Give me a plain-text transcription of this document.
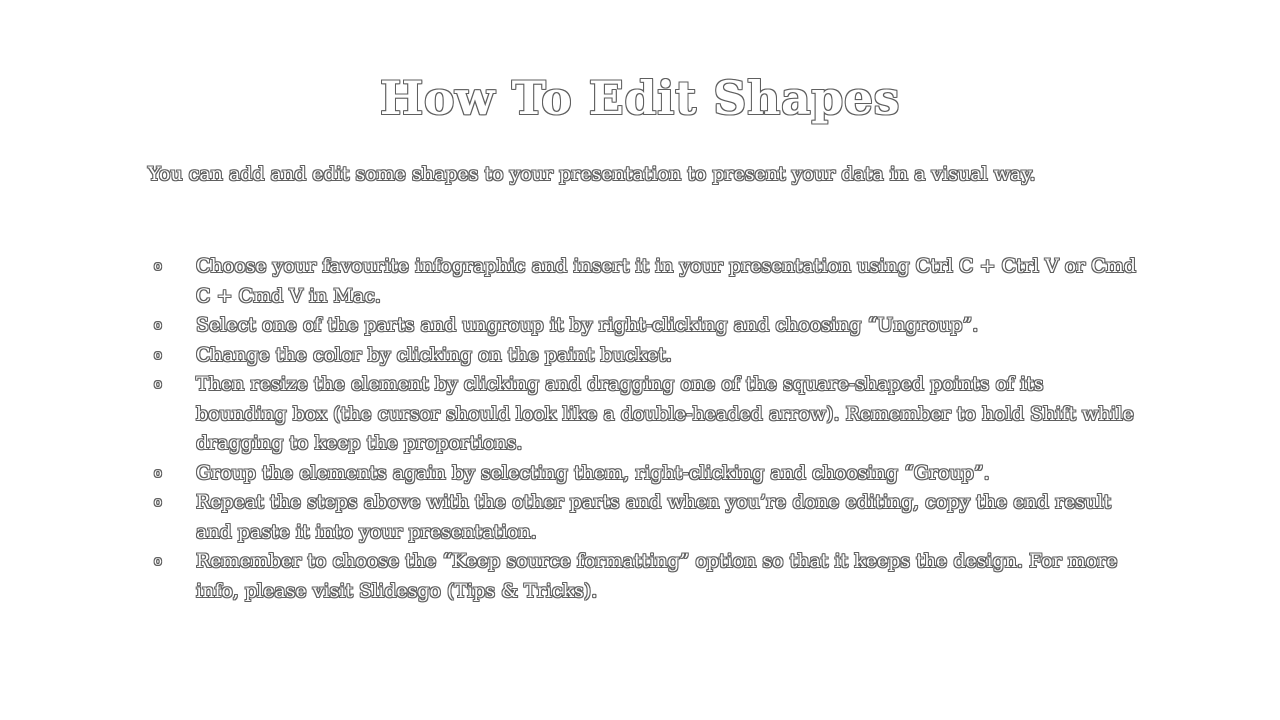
How To Edit Shapes

You can add and edit some shapes to your presentation to present your data in a visual way.

o Choose your favourite infographic and insert it in your presentation using Ctrl C + Ctrl V or Cmd C + Cmd V in Mac.
o Select one of the parts and ungroup it by right-clicking and choosing “Ungroup”.
o Change the color by clicking on the paint bucket.
o Then resize the element by clicking and dragging one of the square-shaped points of its bounding box (the cursor should look like a double-headed arrow). Remember to hold Shift while dragging to keep the proportions.
o Group the elements again by selecting them, right-clicking and choosing “Group”.
o Repeat the steps above with the other parts and when you’re done editing, copy the end result and paste it into your presentation.
o Remember to choose the “Keep source formatting” option so that it keeps the design. For more info, please visit Slidesgo (Tips & Tricks).
